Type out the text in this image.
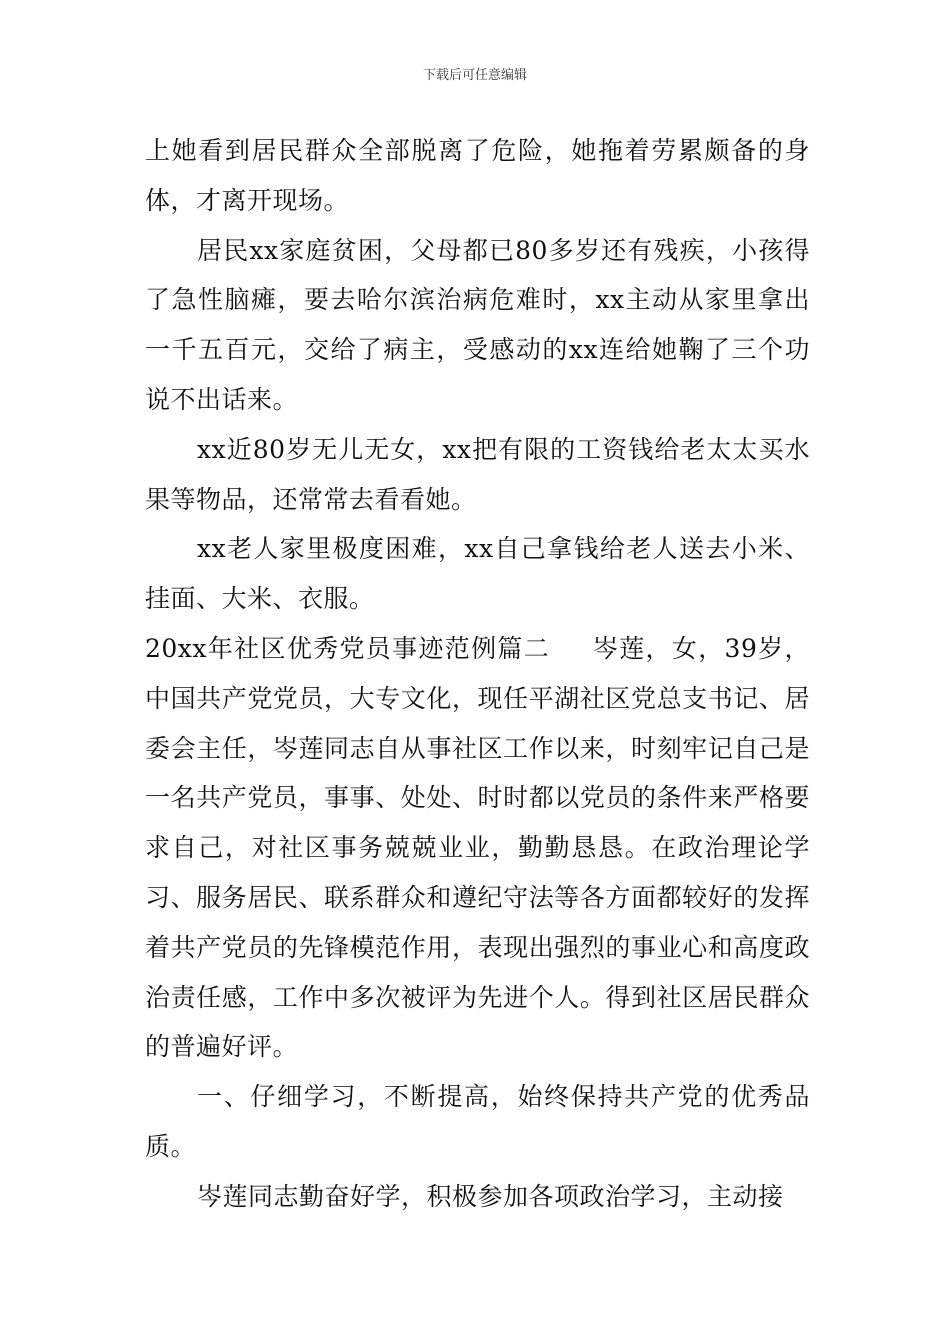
下载后可任意编辑

上她看到居民群众全部脱离了危险，她拖着劳累颇备的身体，才离开现场。

居民xx家庭贫困，父母都已80多岁还有残疾，小孩得了急性脑瘫，要去哈尔滨治病危难时，xx主动从家里拿出一千五百元，交给了病主，受感动的xx连给她鞠了三个功说不出话来。

xx近80岁无儿无女，xx把有限的工资钱给老太太买水果等物品，还常常去看看她。

xx老人家里极度困难，xx自己拿钱给老人送去小米、挂面、大米、衣服。

20xx年社区优秀党员事迹范例篇二 岑莲，女，39岁，中国共产党党员，大专文化，现任平湖社区党总支书记、居委会主任，岑莲同志自从事社区工作以来，时刻牢记自己是一名共产党员，事事、处处、时时都以党员的条件来严格要求自己，对社区事务兢兢业业，勤勤恳恳。在政治理论学习、服务居民、联系群众和遵纪守法等各方面都较好的发挥着共产党员的先锋模范作用，表现出强烈的事业心和高度政治责任感，工作中多次被评为先进个人。得到社区居民群众的普遍好评。

一、仔细学习，不断提高，始终保持共产党的优秀品质。

岑莲同志勤奋好学，积极参加各项政治学习，主动接
